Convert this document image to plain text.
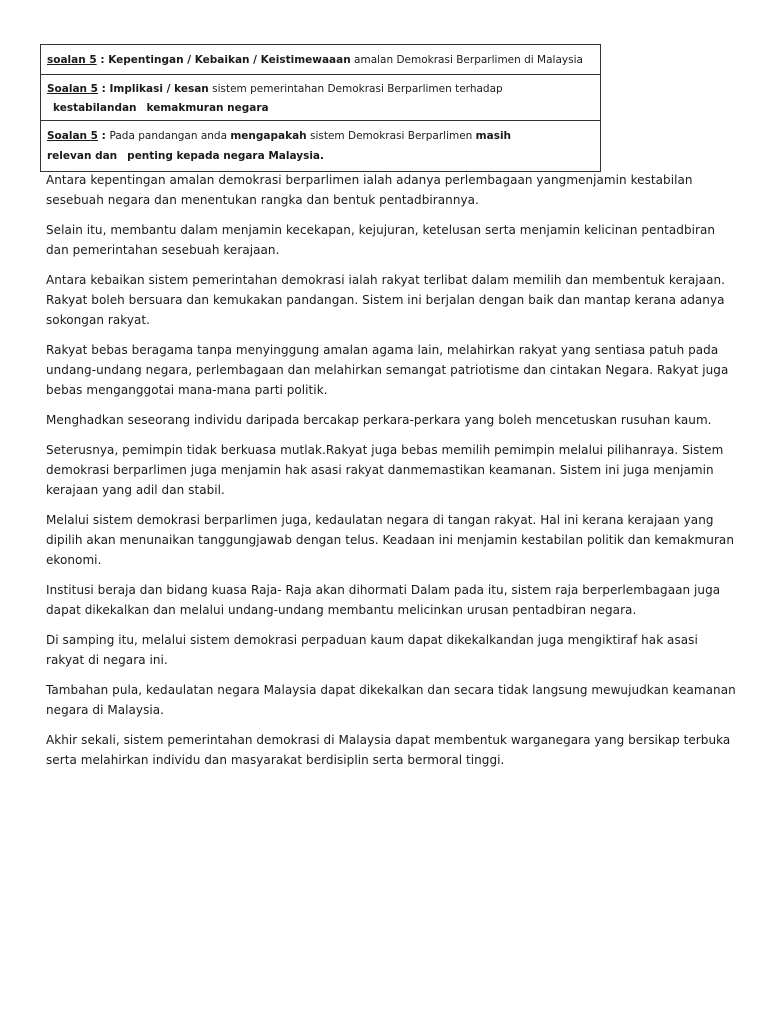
soalan 5 : Kepentingan / Kebaikan / Keistimewaaan amalan Demokrasi Berparlimen di Malaysia
Soalan 5 : Implikasi / kesan sistem pemerintahan Demokrasi Berparlimen terhadap
kestabilandan kemakmuran negara
Soalan 5 : Pada pandangan anda mengapakah sistem Demokrasi Berparlimen masih
relevan dan penting kepada negara Malaysia.

Antara kepentingan amalan demokrasi berparlimen ialah adanya perlembagaan yangmenjamin kestabilan sesebuah negara dan menentukan rangka dan bentuk pentadbirannya.

Selain itu, membantu dalam menjamin kecekapan, kejujuran, ketelusan serta menjamin kelicinan pentadbiran dan pemerintahan sesebuah kerajaan.

Antara kebaikan sistem pemerintahan demokrasi ialah rakyat terlibat dalam memilih dan membentuk kerajaan. Rakyat boleh bersuara dan kemukakan pandangan. Sistem ini berjalan dengan baik dan mantap kerana adanya sokongan rakyat.

Rakyat bebas beragama tanpa menyinggung amalan agama lain, melahirkan rakyat yang sentiasa patuh pada undang-undang negara, perlembagaan dan melahirkan semangat patriotisme dan cintakan Negara. Rakyat juga bebas menganggotai mana-mana parti politik.

Menghadkan seseorang individu daripada bercakap perkara-perkara yang boleh mencetuskan rusuhan kaum.

Seterusnya, pemimpin tidak berkuasa mutlak.Rakyat juga bebas memilih pemimpin melalui pilihanraya. Sistem demokrasi berparlimen juga menjamin hak asasi rakyat danmemastikan keamanan. Sistem ini juga menjamin kerajaan yang adil dan stabil.

Melalui sistem demokrasi berparlimen juga, kedaulatan negara di tangan rakyat. Hal ini kerana kerajaan yang dipilih akan menunaikan tanggungjawab dengan telus. Keadaan ini menjamin kestabilan politik dan kemakmuran ekonomi.

Institusi beraja dan bidang kuasa Raja- Raja akan dihormati Dalam pada itu, sistem raja berperlembagaan juga dapat dikekalkan dan melalui undang-undang membantu melicinkan urusan pentadbiran negara.

Di samping itu, melalui sistem demokrasi perpaduan kaum dapat dikekalkandan juga mengiktiraf hak asasi rakyat di negara ini.

Tambahan pula, kedaulatan negara Malaysia dapat dikekalkan dan secara tidak langsung mewujudkan keamanan negara di Malaysia.

Akhir sekali, sistem pemerintahan demokrasi di Malaysia dapat membentuk warganegara yang bersikap terbuka serta melahirkan individu dan masyarakat berdisiplin serta bermoral tinggi.
